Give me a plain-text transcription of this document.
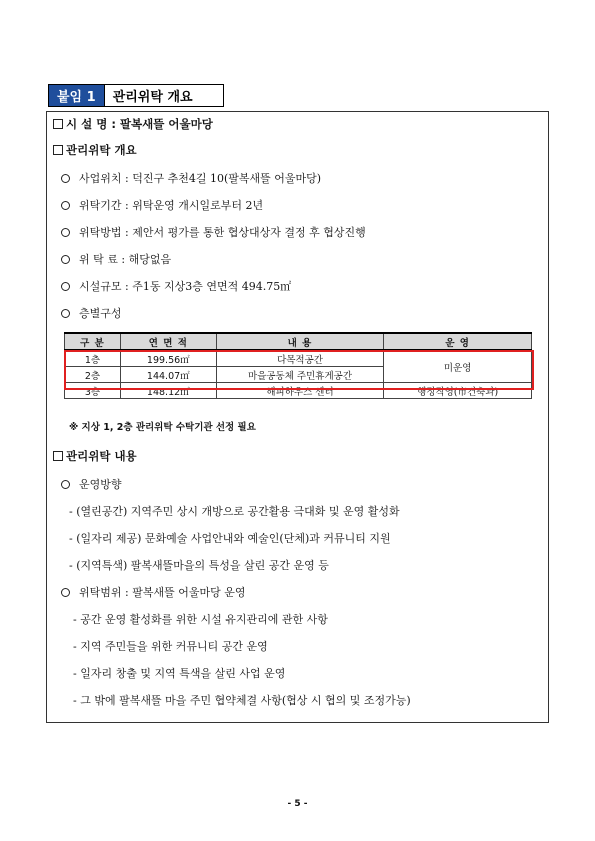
붙임 1	관리위탁 개요
시 설 명 : 팔복새뜰 어울마당
관리위탁 개요
사업위치 : 덕진구 추천4길 10(팔복새뜰 어울마당)
위탁기간 : 위탁운영 개시일로부터 2년
위탁방법 : 제안서 평가를 통한 협상대상자 결정 후 협상진행
위 탁 료 : 해당없음
시설규모 : 주1동 지상3층 연면적 494.75㎡
층별구성
구 분	연 면 적	내 용	운 영
1층	199.56㎡	다목적공간	미운영
2층	144.07㎡	마을공동체 주민휴게공간	
3층	148.12㎡	해피하우스 센터	행정직영(市건축과)
※ 지상 1, 2층 관리위탁 수탁기관 선정 필요
관리위탁 내용
운영방향
- (열린공간) 지역주민 상시 개방으로 공간활용 극대화 및 운영 활성화
- (일자리 제공) 문화예술 사업안내와 예술인(단체)과 커뮤니티 지원
- (지역특색) 팔복새뜰마을의 특성을 살린 공간 운영 등
위탁범위 : 팔복새뜰 어울마당 운영
- 공간 운영 활성화를 위한 시설 유지관리에 관한 사항
- 지역 주민들을 위한 커뮤니티 공간 운영
- 일자리 창출 및 지역 특색을 살린 사업 운영
- 그 밖에 팔복새뜰 마을 주민 협약체결 사항(협상 시 협의 및 조정가능)
- 5 -
